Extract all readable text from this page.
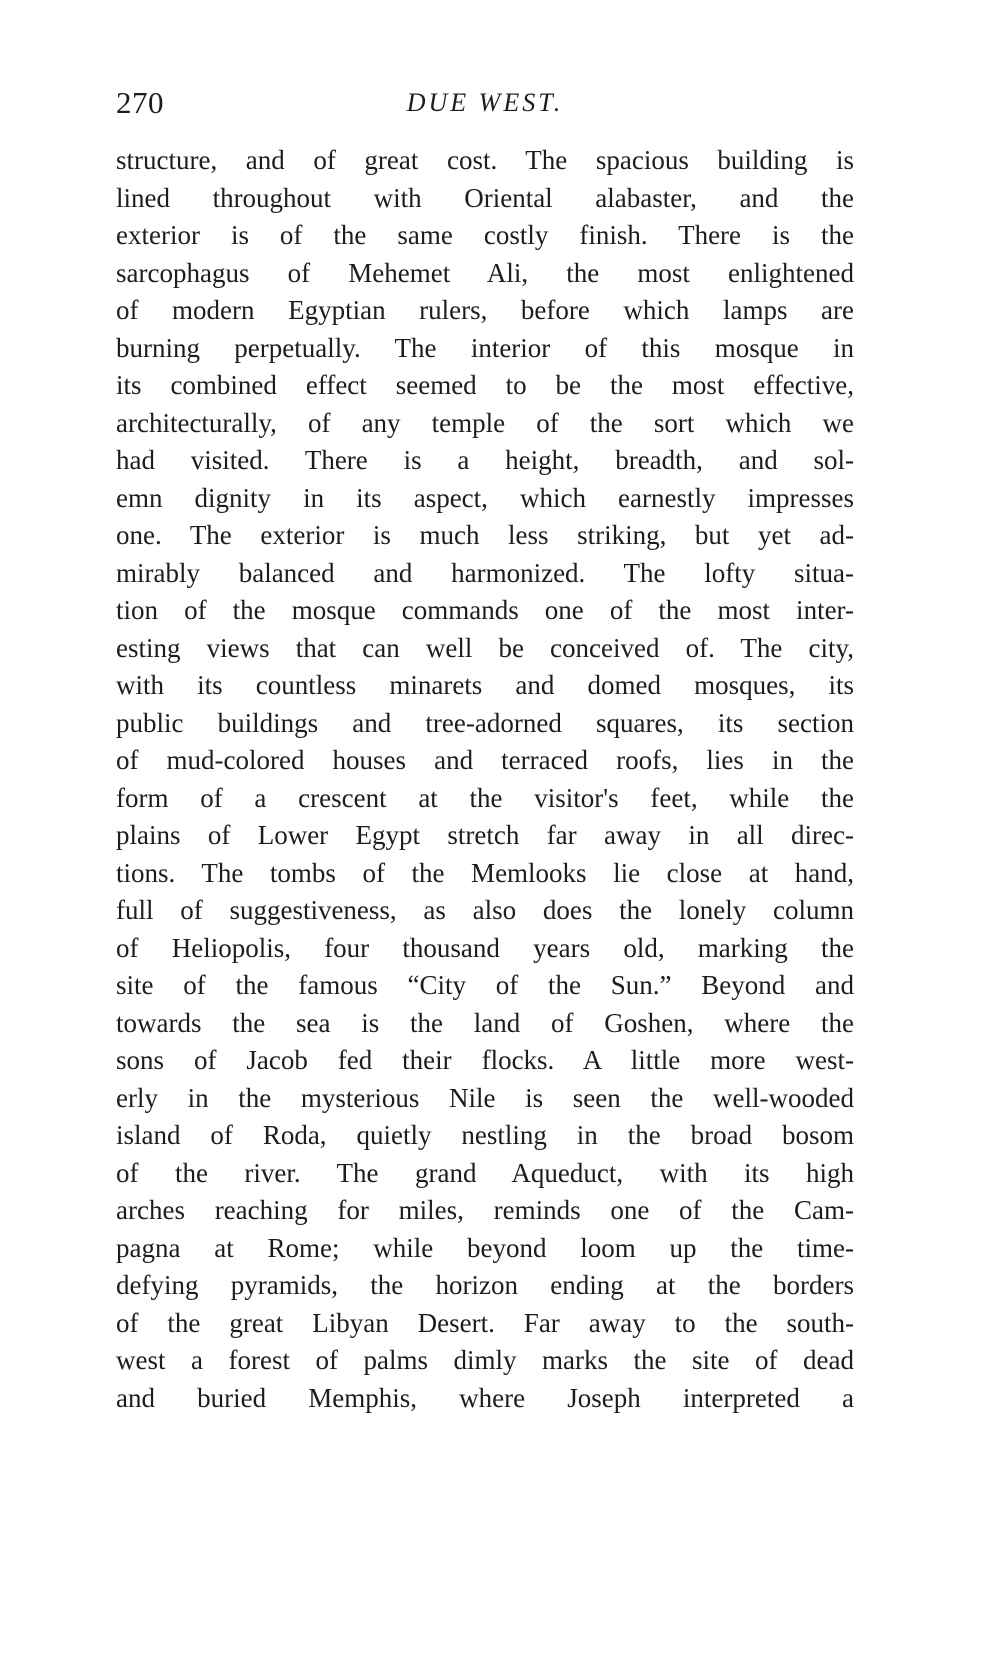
270	DUE WEST.
structure, and of great cost. The spacious building is
lined throughout with Oriental alabaster, and the
exterior is of the same costly finish. There is the
sarcophagus of Mehemet Ali, the most enlightened
of modern Egyptian rulers, before which lamps are
burning perpetually. The interior of this mosque in
its combined effect seemed to be the most effective,
architecturally, of any temple of the sort which we
had visited. There is a height, breadth, and sol-
emn dignity in its aspect, which earnestly impresses
one. The exterior is much less striking, but yet ad-
mirably balanced and harmonized. The lofty situa-
tion of the mosque commands one of the most inter-
esting views that can well be conceived of. The city,
with its countless minarets and domed mosques, its
public buildings and tree-adorned squares, its section
of mud-colored houses and terraced roofs, lies in the
form of a crescent at the visitor's feet, while the
plains of Lower Egypt stretch far away in all direc-
tions. The tombs of the Memlooks lie close at hand,
full of suggestiveness, as also does the lonely column
of Heliopolis, four thousand years old, marking the
site of the famous “City of the Sun.” Beyond and
towards the sea is the land of Goshen, where the
sons of Jacob fed their flocks. A little more west-
erly in the mysterious Nile is seen the well-wooded
island of Roda, quietly nestling in the broad bosom
of the river. The grand Aqueduct, with its high
arches reaching for miles, reminds one of the Cam-
pagna at Rome; while beyond loom up the time-
defying pyramids, the horizon ending at the borders
of the great Libyan Desert. Far away to the south-
west a forest of palms dimly marks the site of dead
and buried Memphis, where Joseph interpreted a
